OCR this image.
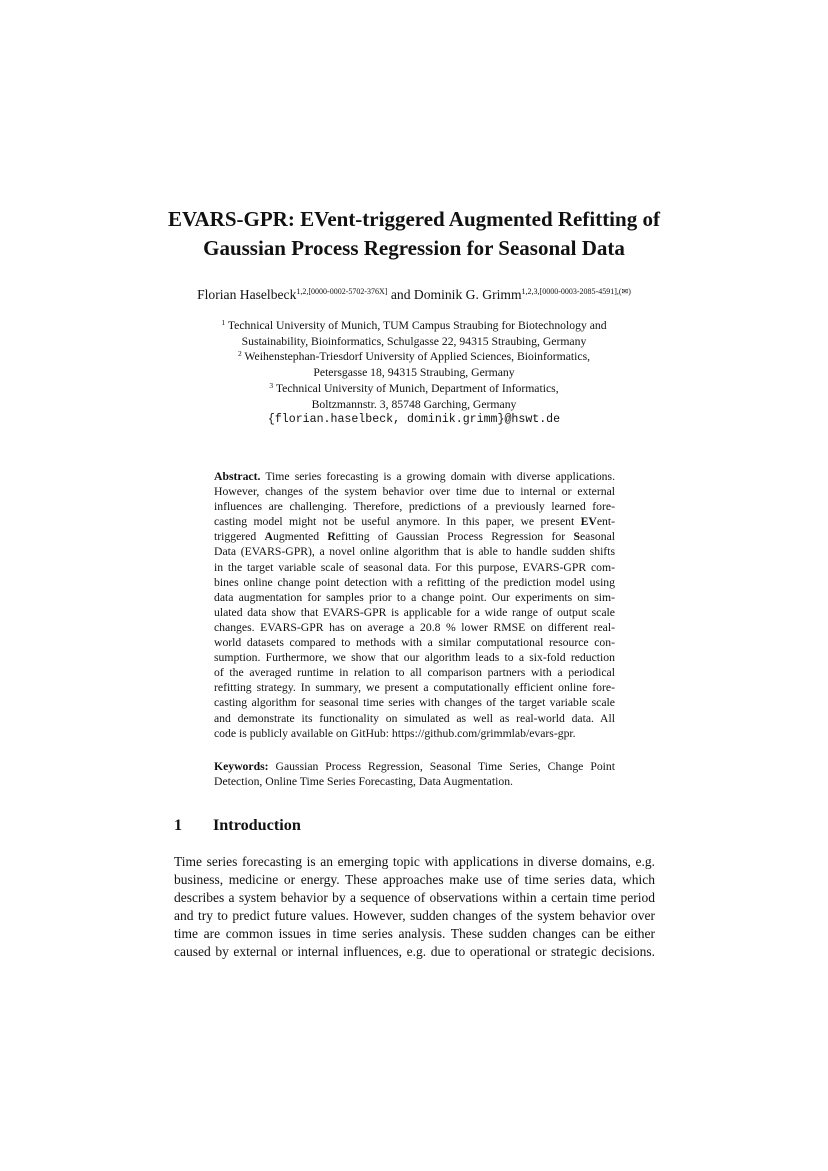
EVARS-GPR: EVent-triggered Augmented Refitting of
Gaussian Process Regression for Seasonal Data
Florian Haselbeck$^{1,2,[0000-0002-5702-376X]}$ and Dominik G. Grimm$^{1,2,3,[0000-0003-2085-4591],(✉)}$
$^1$ Technical University of Munich, TUM Campus Straubing for Biotechnology and
Sustainability, Bioinformatics, Schulgasse 22, 94315 Straubing, Germany
$^2$ Weihenstephan-Triesdorf University of Applied Sciences, Bioinformatics,
Petersgasse 18, 94315 Straubing, Germany
$^3$ Technical University of Munich, Department of Informatics,
Boltzmannstr. 3, 85748 Garching, Germany
{florian.haselbeck, dominik.grimm}@hswt.de
Abstract. Time series forecasting is a growing domain with diverse applications.
However, changes of the system behavior over time due to internal or external
influences are challenging. Therefore, predictions of a previously learned fore-
casting model might not be useful anymore. In this paper, we present EVent-
triggered Augmented Refitting of Gaussian Process Regression for Seasonal
Data (EVARS-GPR), a novel online algorithm that is able to handle sudden shifts
in the target variable scale of seasonal data. For this purpose, EVARS-GPR com-
bines online change point detection with a refitting of the prediction model using
data augmentation for samples prior to a change point. Our experiments on sim-
ulated data show that EVARS-GPR is applicable for a wide range of output scale
changes. EVARS-GPR has on average a 20.8 % lower RMSE on different real-
world datasets compared to methods with a similar computational resource con-
sumption. Furthermore, we show that our algorithm leads to a six-fold reduction
of the averaged runtime in relation to all comparison partners with a periodical
refitting strategy. In summary, we present a computationally efficient online fore-
casting algorithm for seasonal time series with changes of the target variable scale
and demonstrate its functionality on simulated as well as real-world data. All
code is publicly available on GitHub: https://github.com/grimmlab/evars-gpr.
Keywords: Gaussian Process Regression, Seasonal Time Series, Change Point
Detection, Online Time Series Forecasting, Data Augmentation.
1 Introduction
Time series forecasting is an emerging topic with applications in diverse domains, e.g.
business, medicine or energy. These approaches make use of time series data, which
describes a system behavior by a sequence of observations within a certain time period
and try to predict future values. However, sudden changes of the system behavior over
time are common issues in time series analysis. These sudden changes can be either
caused by external or internal influences, e.g. due to operational or strategic decisions.
